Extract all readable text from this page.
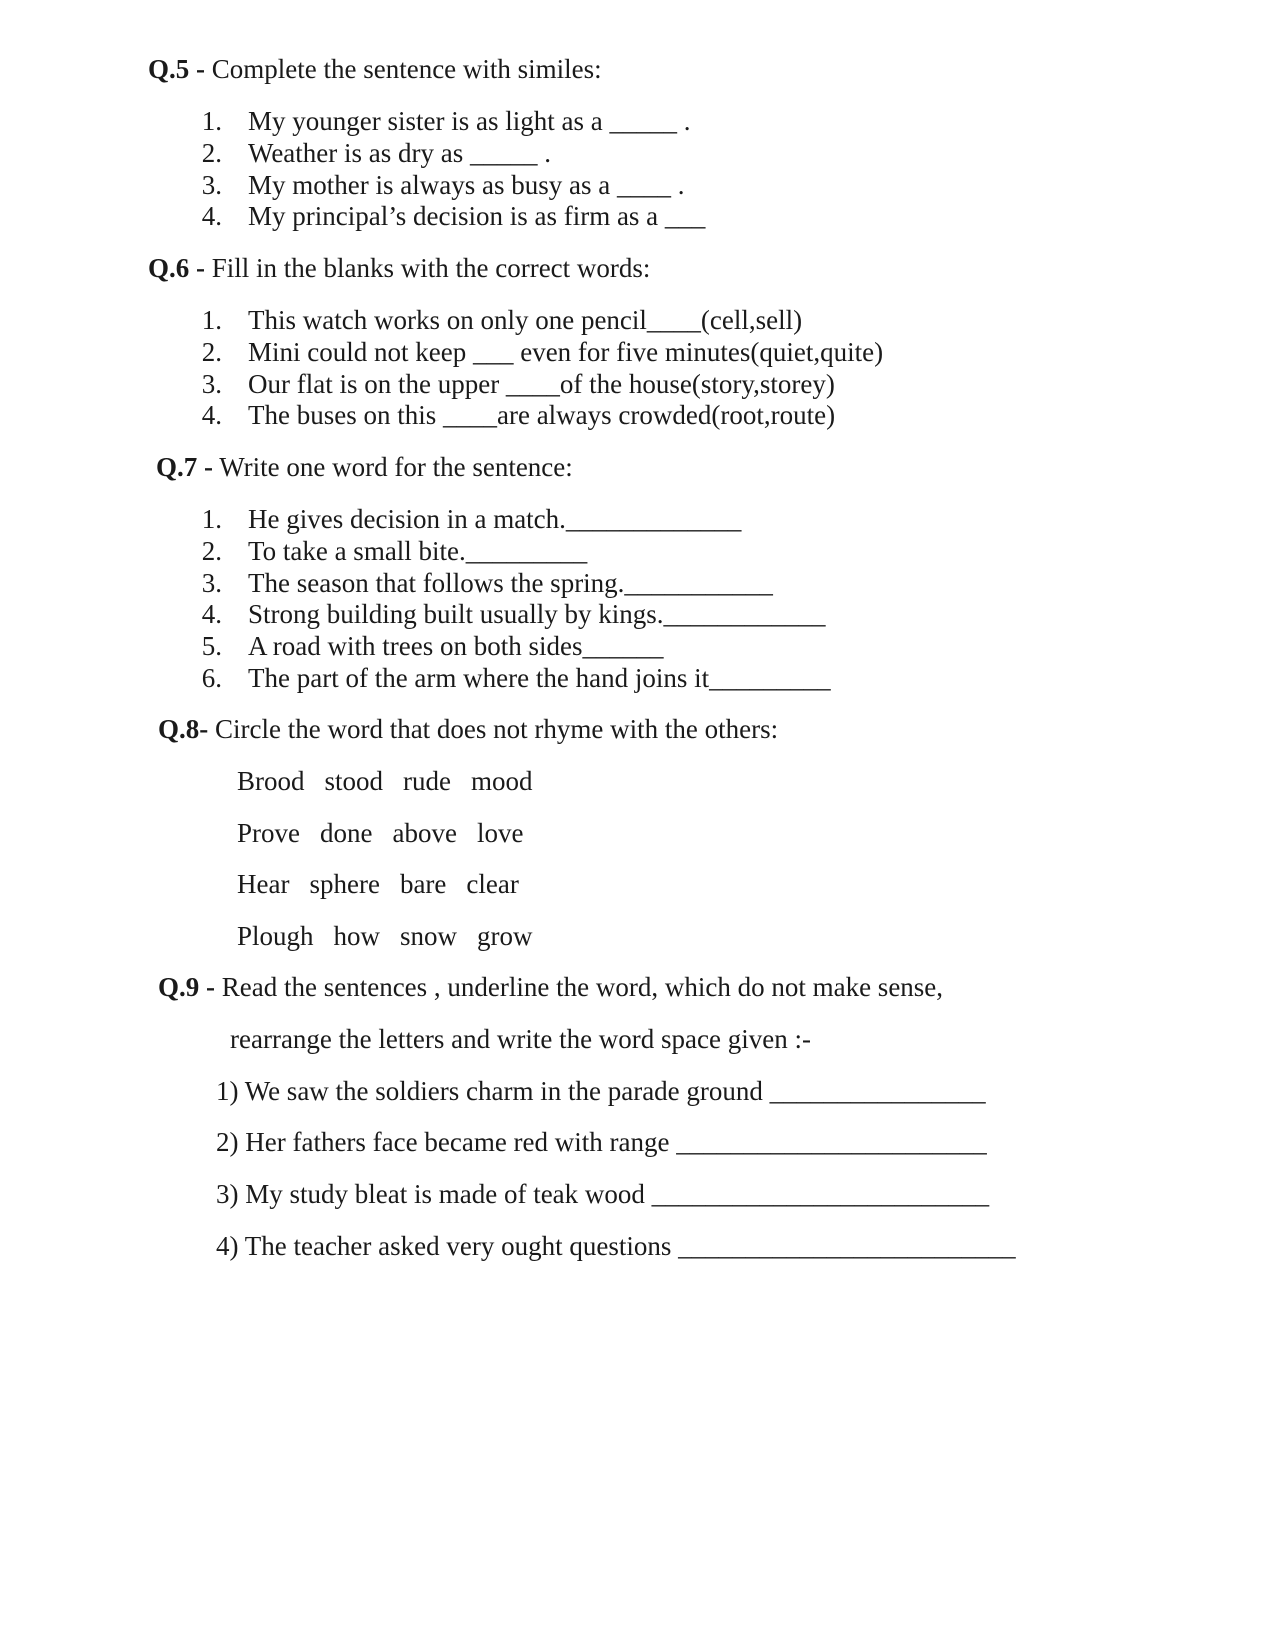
Q.5 - Complete the sentence with similes:
1. My younger sister is as light as a _____ .
2. Weather is as dry as _____ .
3. My mother is always as busy as a ____ .
4. My principal’s decision is as firm as a ___
Q.6 - Fill in the blanks with the correct words:
1. This watch works on only one pencil____(cell,sell)
2. Mini could not keep ___ even for five minutes(quiet,quite)
3. Our flat is on the upper ____of the house(story,storey)
4. The buses on this ____are always crowded(root,route)
Q.7 - Write one word for the sentence:
1. He gives decision in a match._____________
2. To take a small bite._________
3. The season that follows the spring.___________
4. Strong building built usually by kings.____________
5. A road with trees on both sides______
6. The part of the arm where the hand joins it_________
Q.8- Circle the word that does not rhyme with the others:
Brood stood rude mood
Prove done above love
Hear sphere bare clear
Plough how snow grow
Q.9 - Read the sentences , underline the word, which do not make sense,
rearrange the letters and write the word space given :-
1) We saw the soldiers charm in the parade ground ________________
2) Her fathers face became red with range _______________________
3) My study bleat is made of teak wood _________________________
4) The teacher asked very ought questions _________________________
